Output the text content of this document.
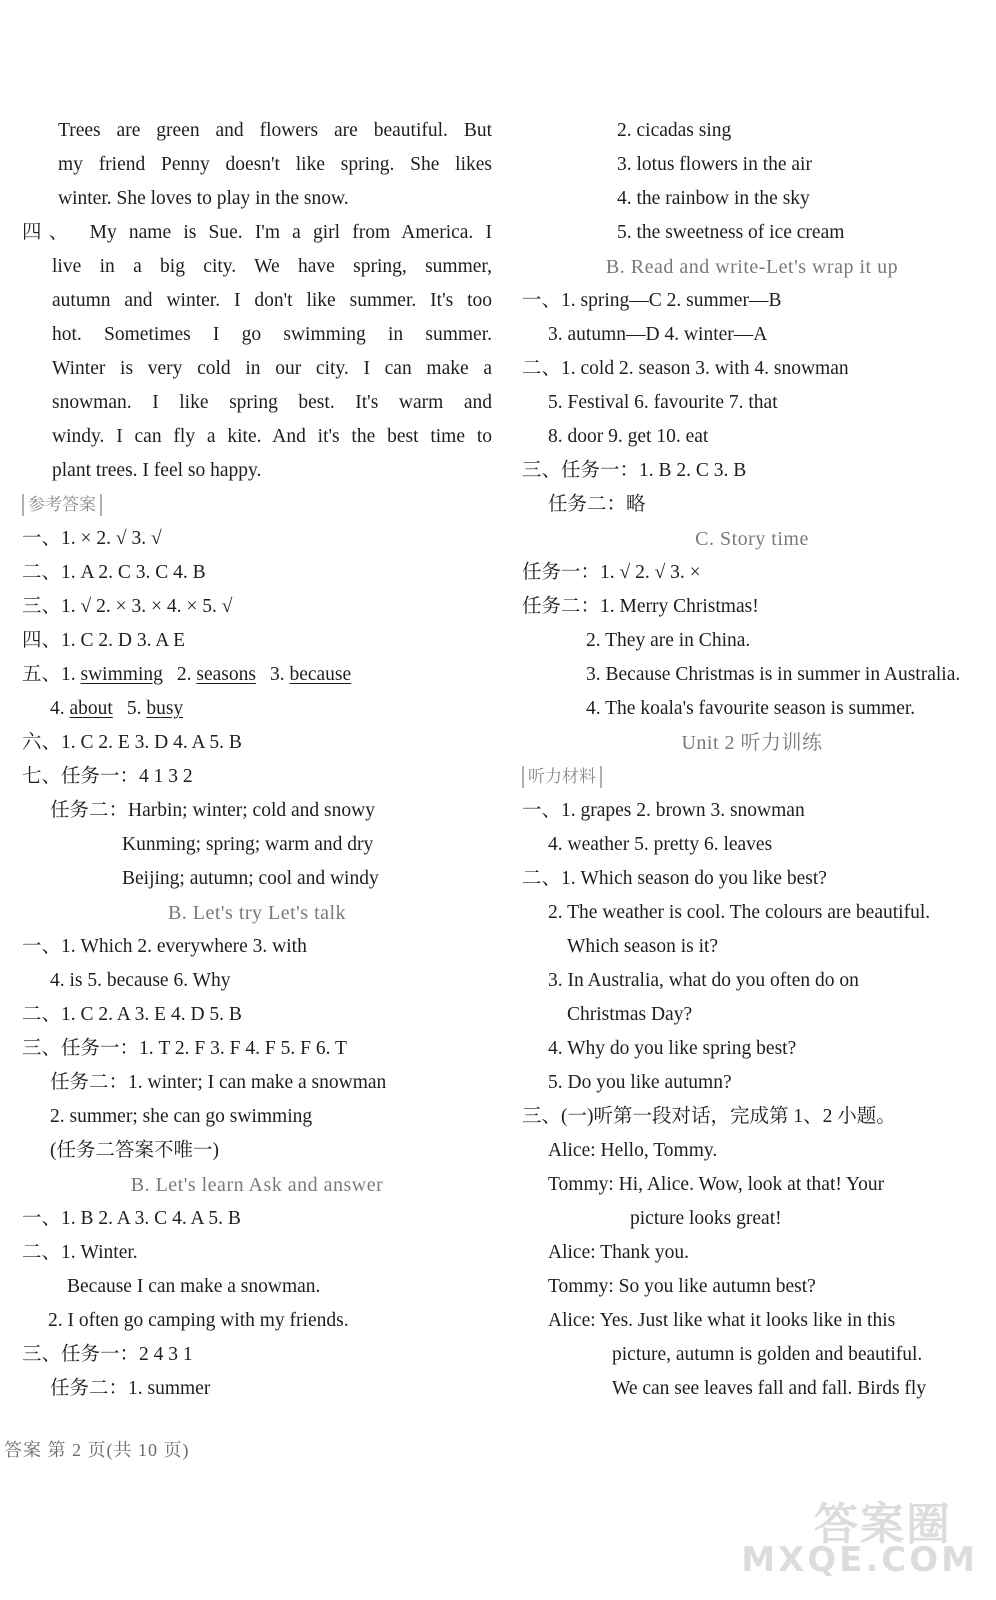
Trees are green and flowers are beautiful. But
my friend Penny doesn't like spring. She likes
winter. She loves to play in the snow.
四、 My name is Sue. I'm a girl from America. I
live in a big city. We have spring, summer,
autumn and winter. I don't like summer. It's too
hot. Sometimes I go swimming in summer.
Winter is very cold in our city. I can make a
snowman. I like spring best. It's warm and
windy. I can fly a kite. And it's the best time to
plant trees. I feel so happy.
参考答案
一、1. × 2. √ 3. √
二、1. A 2. C 3. C 4. B
三、1. √ 2. × 3. × 4. × 5. √
四、1. C 2. D 3. A E
五、1. swimming 2. seasons 3. because
4. about 5. busy
六、1. C 2. E 3. D 4. A 5. B
七、任务一：4 1 3 2
任务二：Harbin; winter; cold and snowy
Kunming; spring; warm and dry
Beijing; autumn; cool and windy
B. Let's try Let's talk
一、1. Which 2. everywhere 3. with
4. is 5. because 6. Why
二、1. C 2. A 3. E 4. D 5. B
三、任务一：1. T 2. F 3. F 4. F 5. F 6. T
任务二：1. winter; I can make a snowman
2. summer; she can go swimming
(任务二答案不唯一)
B. Let's learn Ask and answer
一、1. B 2. A 3. C 4. A 5. B
二、1. Winter.
Because I can make a snowman.
2. I often go camping with my friends.
三、任务一：2 4 3 1
任务二：1. summer
2. cicadas sing
3. lotus flowers in the air
4. the rainbow in the sky
5. the sweetness of ice cream
B. Read and write-Let's wrap it up
一、1. spring—C 2. summer—B
3. autumn—D 4. winter—A
二、1. cold 2. season 3. with 4. snowman
5. Festival 6. favourite 7. that
8. door 9. get 10. eat
三、任务一：1. B 2. C 3. B
任务二：略
C. Story time
任务一：1. √ 2. √ 3. ×
任务二：1. Merry Christmas!
2. They are in China.
3. Because Christmas is in summer in Australia.
4. The koala's favourite season is summer.
Unit 2 听力训练
听力材料
一、1. grapes 2. brown 3. snowman
4. weather 5. pretty 6. leaves
二、1. Which season do you like best?
2. The weather is cool. The colours are beautiful.
Which season is it?
3. In Australia, what do you often do on
Christmas Day?
4. Why do you like spring best?
5. Do you like autumn?
三、(一)听第一段对话，完成第 1、2 小题。
Alice: Hello, Tommy.
Tommy: Hi, Alice. Wow, look at that! Your
picture looks great!
Alice: Thank you.
Tommy: So you like autumn best?
Alice: Yes. Just like what it looks like in this
picture, autumn is golden and beautiful.
We can see leaves fall and fall. Birds fly
答案 第 2 页(共 10 页)
答案圈
MXQE.COM
